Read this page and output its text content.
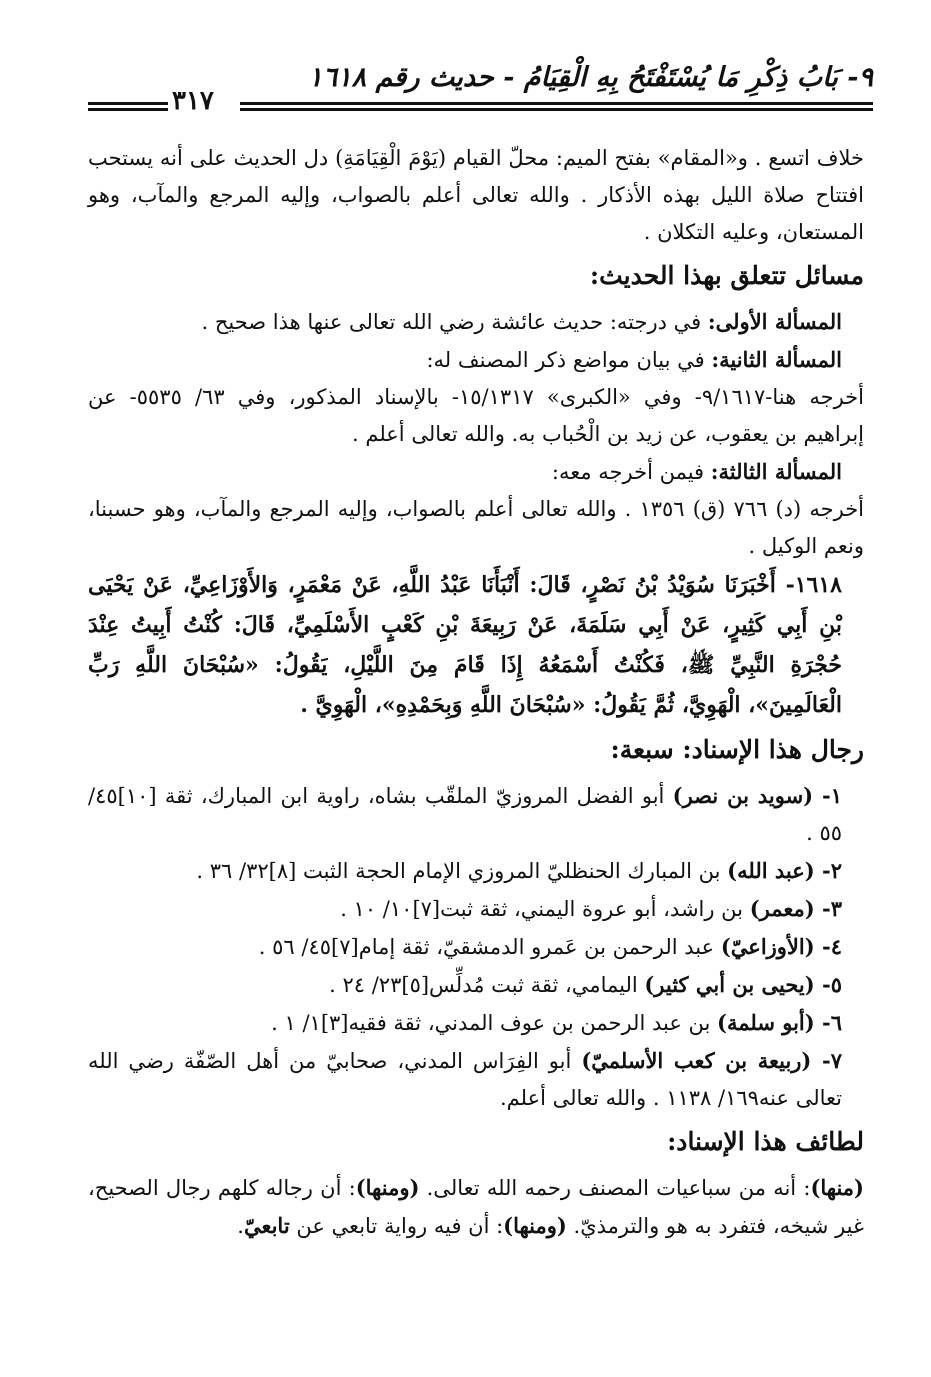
٩- بَابُ ذِكْرِ مَا يُسْتَفْتَحُ بِهِ الْقِيَامُ - حديث رقم ١٦١٨
٣١٧

خلاف اتسع . و«المقام» بفتح الميم: محلّ القيام (يَوْمَ الْقِيَامَةِ) دل الحديث على أنه يستحب افتتاح صلاة الليل بهذه الأذكار . والله تعالى أعلم بالصواب، وإليه المرجع والمآب، وهو المستعان، وعليه التكلان .

مسائل تتعلق بهذا الحديث:

المسألة الأولى: في درجته: حديث عائشة رضي الله تعالى عنها هذا صحيح .

المسألة الثانية: في بيان مواضع ذكر المصنف له:

أخرجه هنا-٩/١٦١٧- وفي «الكبرى» ١٥/١٣١٧- بالإسناد المذكور، وفي ٦٣/ ٥٥٣٥- عن إبراهيم بن يعقوب، عن زيد بن الْحُباب به. والله تعالى أعلم .

المسألة الثالثة: فيمن أخرجه معه:

أخرجه (د) ٧٦٦ (ق) ١٣٥٦ . والله تعالى أعلم بالصواب، وإليه المرجع والمآب، وهو حسبنا، ونعم الوكيل .

١٦١٨- أَخْبَرَنَا سُوَيْدُ بْنُ نَصْرٍ، قَالَ: أَنْبَأَنَا عَبْدُ اللَّهِ، عَنْ مَعْمَرٍ، وَالأَوْزَاعِيِّ، عَنْ يَحْيَى بْنِ أَبِي كَثِيرٍ، عَنْ أَبِي سَلَمَةَ، عَنْ رَبِيعَةَ بْنِ كَعْبٍ الأَسْلَمِيِّ، قَالَ: كُنْتُ أَبِيتُ عِنْدَ حُجْرَةِ النَّبِيِّ ﷺ، فَكُنْتُ أَسْمَعُهُ إِذَا قَامَ مِنَ اللَّيْلِ، يَقُولُ: «سُبْحَانَ اللَّهِ رَبِّ الْعَالَمِينَ»، الْهَوِيَّ، ثُمَّ يَقُولُ: «سُبْحَانَ اللَّهِ وَبِحَمْدِهِ»، الْهَوِيَّ .

رجال هذا الإسناد: سبعة:

١- (سويد بن نصر) أبو الفضل المروزيّ الملقّب بشاه، راوية ابن المبارك، ثقة [١٠]٤٥/ ٥٥ .

٢- (عبد الله) بن المبارك الحنظليّ المروزي الإمام الحجة الثبت [٨]٣٢/ ٣٦ .

٣- (معمر) بن راشد، أبو عروة اليمني، ثقة ثبت[٧]١٠/ ١٠ .

٤- (الأوزاعيّ) عبد الرحمن بن عَمرو الدمشقيّ، ثقة إمام[٧]٤٥/ ٥٦ .

٥- (يحيى بن أبي كثير) اليمامي، ثقة ثبت مُدلِّس[٥]٢٣/ ٢٤ .

٦- (أبو سلمة) بن عبد الرحمن بن عوف المدني، ثقة فقيه[٣]١/ ١ .

٧- (ربيعة بن كعب الأسلميّ) أبو الفِرَاس المدني، صحابيّ من أهل الصّفّة رضي الله تعالى عنه١٦٩/ ١١٣٨ . والله تعالى أعلم.

لطائف هذا الإسناد:

(منها): أنه من سباعيات المصنف رحمه الله تعالى. (ومنها): أن رجاله كلهم رجال الصحيح، غير شيخه، فتفرد به هو والترمذيّ. (ومنها): أن فيه رواية تابعي عن تابعيّ.
